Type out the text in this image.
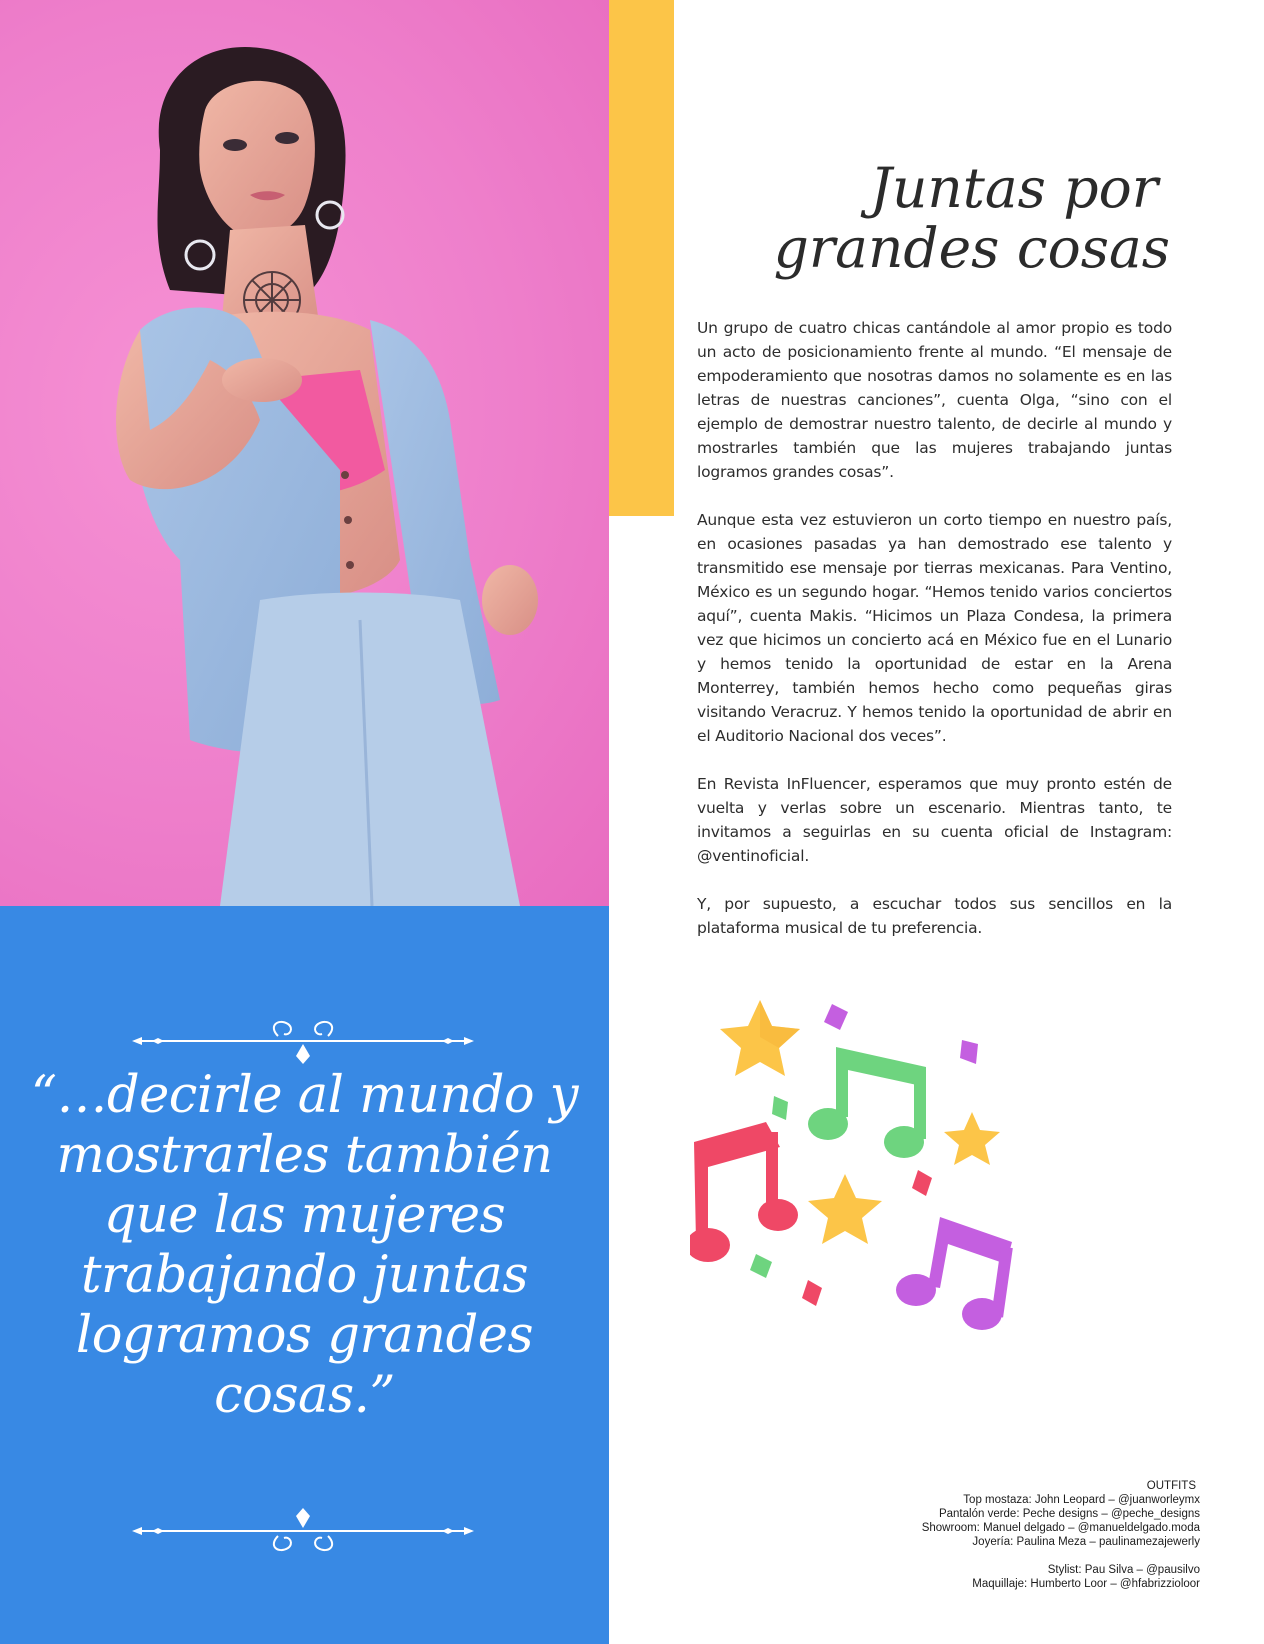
“…decirle al mundo y mostrarles también que las mujeres trabajando juntas logramos grandes cosas.”

Juntas por
grandes cosas

Un grupo de cuatro chicas cantándole al amor propio es todo un acto de posicionamiento frente al mundo. “El mensaje de empoderamiento que nosotras damos no solamente es en las letras de nuestras canciones”, cuenta Olga, “sino con el ejemplo de demostrar nuestro talento, de decirle al mundo y mostrarles también que las mujeres trabajando juntas logramos grandes cosas”.

Aunque esta vez estuvieron un corto tiempo en nuestro país, en ocasiones pasadas ya han demostrado ese talento y transmitido ese mensaje por tierras mexicanas. Para Ventino, México es un segundo hogar. “Hemos tenido varios conciertos aquí”, cuenta Makis. “Hicimos un Plaza Condesa, la primera vez que hicimos un concierto acá en México fue en el Lunario y hemos tenido la oportunidad de estar en la Arena Monterrey, también hemos hecho como pequeñas giras visitando Veracruz. Y hemos tenido la oportunidad de abrir en el Auditorio Nacional dos veces”.

En Revista InFluencer, esperamos que muy pronto estén de vuelta y verlas sobre un escenario. Mientras tanto, te invitamos a seguirlas en su cuenta oficial de Instagram: @ventinoficial.

Y, por supuesto, a escuchar todos sus sencillos en la plataforma musical de tu preferencia.

OUTFITS
Top mostaza: John Leopard – @juanworleymx
Pantalón verde: Peche designs – @peche_designs
Showroom: Manuel delgado – @manueldelgado.moda
Joyería: Paulina Meza – paulinamezajewerly
Stylist: Pau Silva – @pausilvo
Maquillaje: Humberto Loor – @hfabrizzioloor
